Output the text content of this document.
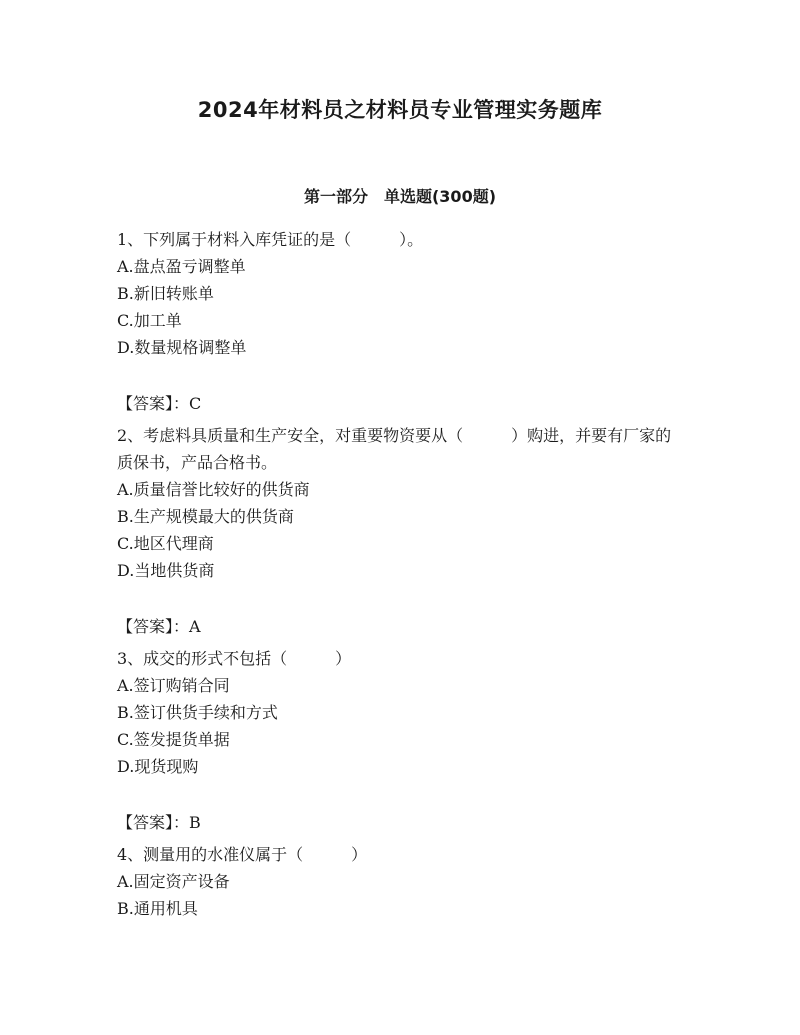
2024年材料员之材料员专业管理实务题库
第一部分　单选题(300题)

1、下列属于材料入库凭证的是（　　　）。

A.盘点盈亏调整单

B.新旧转账单

C.加工单

D.数量规格调整单

【答案】：C

2、考虑料具质量和生产安全，对重要物资要从（　　　）购进，并要有厂家的质保书，产品合格书。

A.质量信誉比较好的供货商

B.生产规模最大的供货商

C.地区代理商

D.当地供货商

【答案】：A

3、成交的形式不包括（　　　）

A.签订购销合同

B.签订供货手续和方式

C.签发提货单据

D.现货现购

【答案】：B

4、测量用的水准仪属于（　　　）

A.固定资产设备

B.通用机具
